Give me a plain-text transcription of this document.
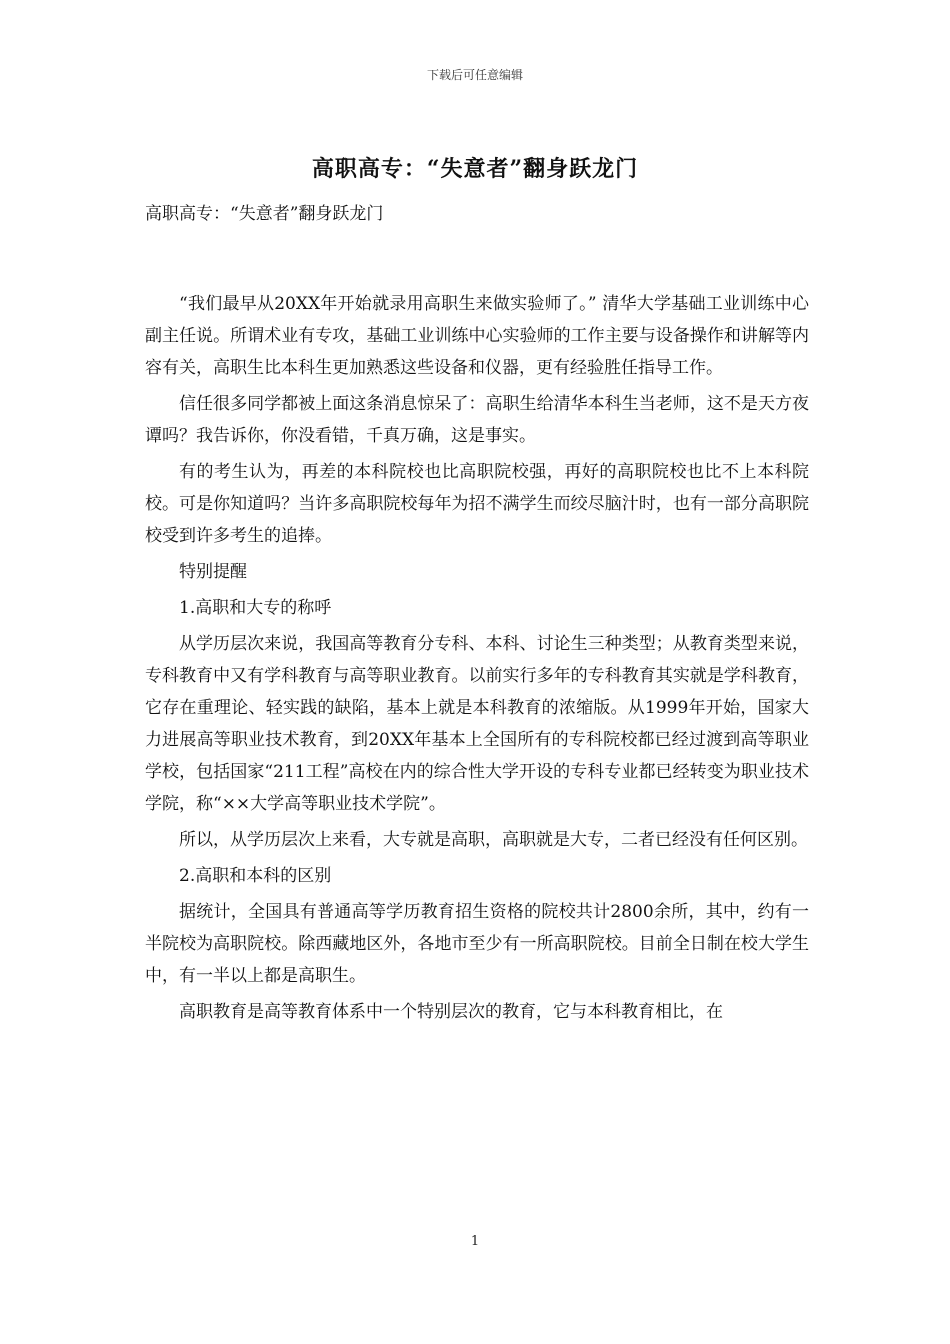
下载后可任意编辑
高职高专：“失意者”翻身跃龙门

高职高专：“失意者”翻身跃龙门

“我们最早从20XX年开始就录用高职生来做实验师了。” 清华大学基础工业训练中心副主任说。所谓术业有专攻，基础工业训练中心实验师的工作主要与设备操作和讲解等内容有关，高职生比本科生更加熟悉这些设备和仪器，更有经验胜任指导工作。

信任很多同学都被上面这条消息惊呆了：高职生给清华本科生当老师，这不是天方夜谭吗？我告诉你，你没看错，千真万确，这是事实。

有的考生认为，再差的本科院校也比高职院校强，再好的高职院校也比不上本科院校。可是你知道吗？当许多高职院校每年为招不满学生而绞尽脑汁时，也有一部分高职院校受到许多考生的追捧。

特别提醒

1.高职和大专的称呼

从学历层次来说，我国高等教育分专科、本科、讨论生三种类型；从教育类型来说，专科教育中又有学科教育与高等职业教育。以前实行多年的专科教育其实就是学科教育，它存在重理论、轻实践的缺陷，基本上就是本科教育的浓缩版。从1999年开始，国家大力进展高等职业技术教育，到20XX年基本上全国所有的专科院校都已经过渡到高等职业学校，包括国家“211工程”高校在内的综合性大学开设的专科专业都已经转变为职业技术学院，称“××大学高等职业技术学院”。

所以，从学历层次上来看，大专就是高职，高职就是大专，二者已经没有任何区别。

2.高职和本科的区别

据统计，全国具有普通高等学历教育招生资格的院校共计2800余所，其中，约有一半院校为高职院校。除西藏地区外，各地市至少有一所高职院校。目前全日制在校大学生中，有一半以上都是高职生。

高职教育是高等教育体系中一个特别层次的教育，它与本科教育相比，在

1
